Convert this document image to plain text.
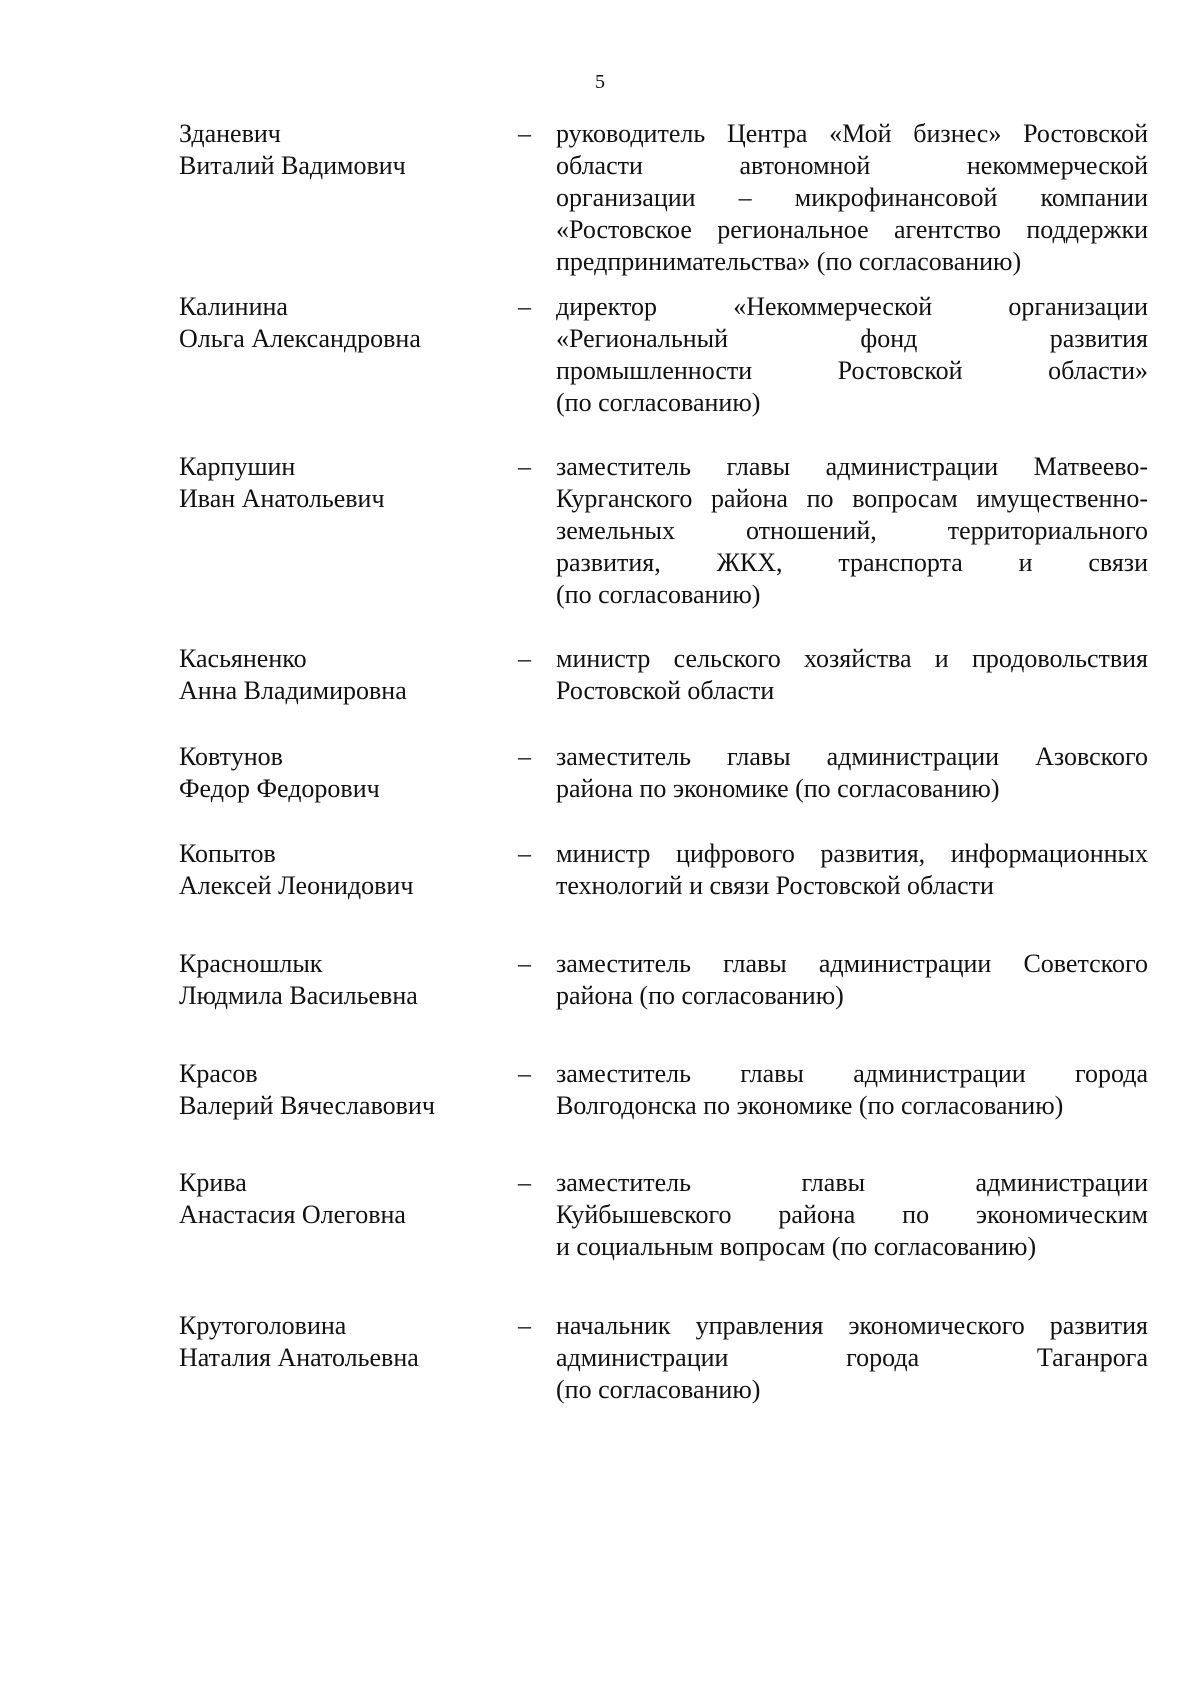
5
Зданевич
Виталий Вадимович
– руководитель Центра «Мой бизнес» Ростовской
области автономной некоммерческой
организации – микрофинансовой компании
«Ростовское региональное агентство поддержки
предпринимательства» (по согласованию)
Калинина
Ольга Александровна
– директор «Некоммерческой организации
«Региональный фонд развития
промышленности Ростовской области»
(по согласованию)
Карпушин
Иван Анатольевич
– заместитель главы администрации Матвеево-
Курганского района по вопросам имущественно-
земельных отношений, территориального
развития, ЖКХ, транспорта и связи
(по согласованию)
Касьяненко
Анна Владимировна
– министр сельского хозяйства и продовольствия
Ростовской области
Ковтунов
Федор Федорович
– заместитель главы администрации Азовского
района по экономике (по согласованию)
Копытов
Алексей Леонидович
– министр цифрового развития, информационных
технологий и связи Ростовской области
Красношлык
Людмила Васильевна
– заместитель главы администрации Советского
района (по согласованию)
Красов
Валерий Вячеславович
– заместитель главы администрации города
Волгодонска по экономике (по согласованию)
Крива
Анастасия Олеговна
– заместитель главы администрации
Куйбышевского района по экономическим
и социальным вопросам (по согласованию)
Крутоголовина
Наталия Анатольевна
– начальник управления экономического развития
администрации города Таганрога
(по согласованию)
